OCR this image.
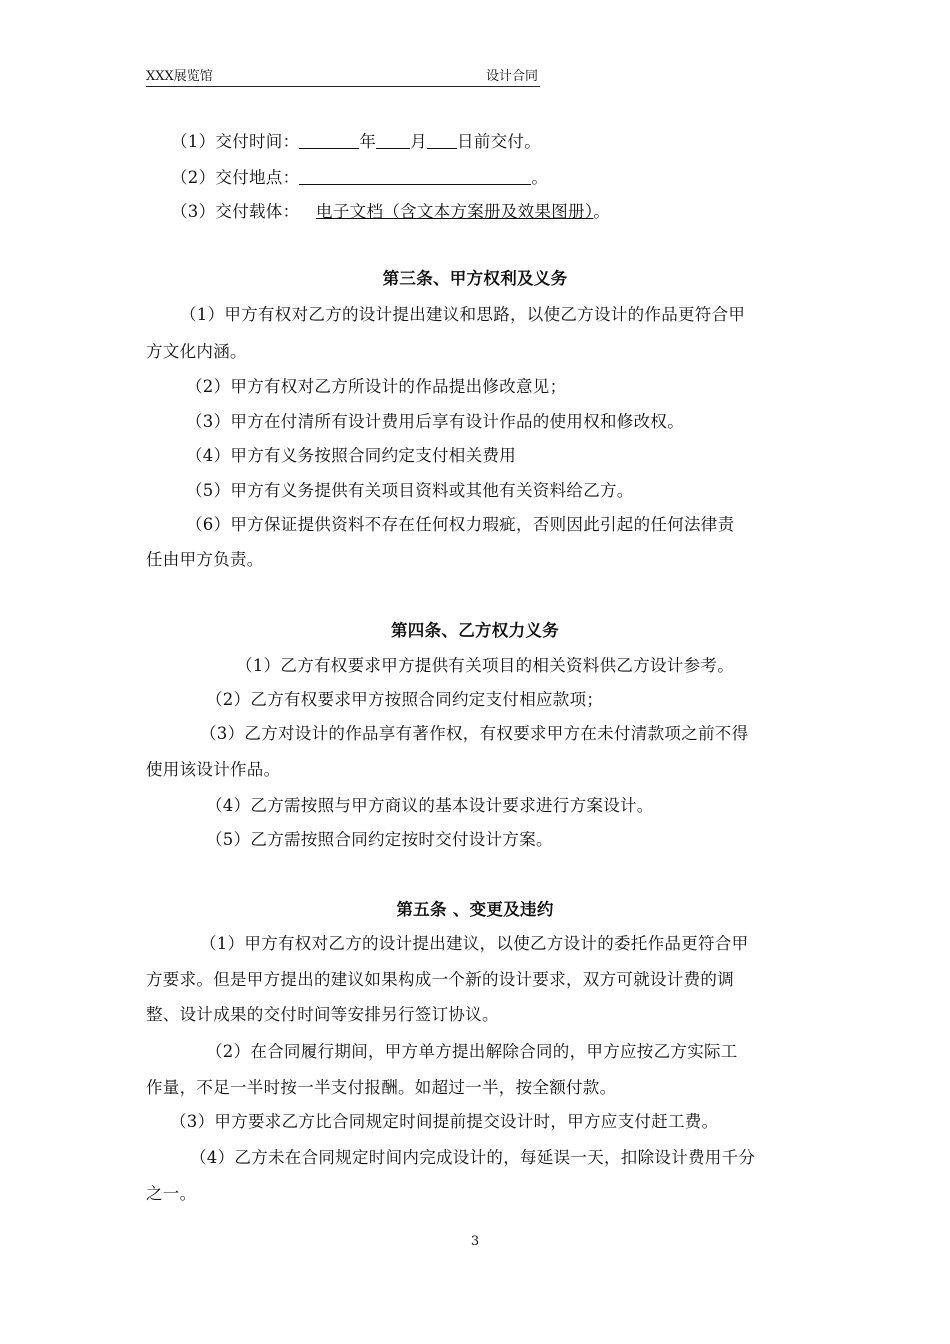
XXX展览馆	设计合同
（1）交付时间：	年 月 日前交付。
（2）交付地点：	。
（3）交付载体： 电子文档（含文本方案册及效果图册）。
第三条、甲方权利及义务
（1）甲方有权对乙方的设计提出建议和思路，以使乙方设计的作品更符合甲
方文化内涵。
（2）甲方有权对乙方所设计的作品提出修改意见；
（3）甲方在付清所有设计费用后享有设计作品的使用权和修改权。
（4）甲方有义务按照合同约定支付相关费用
（5）甲方有义务提供有关项目资料或其他有关资料给乙方。
（6）甲方保证提供资料不存在任何权力瑕疵，否则因此引起的任何法律责
任由甲方负责。
第四条、乙方权力义务
（1）乙方有权要求甲方提供有关项目的相关资料供乙方设计参考。
（2）乙方有权要求甲方按照合同约定支付相应款项；
（3）乙方对设计的作品享有著作权，有权要求甲方在未付清款项之前不得
使用该设计作品。
（4）乙方需按照与甲方商议的基本设计要求进行方案设计。
（5）乙方需按照合同约定按时交付设计方案。
第五条 、变更及违约
（1）甲方有权对乙方的设计提出建议，以使乙方设计的委托作品更符合甲
方要求。但是甲方提出的建议如果构成一个新的设计要求，双方可就设计费的调
整、设计成果的交付时间等安排另行签订协议。
（2）在合同履行期间，甲方单方提出解除合同的，甲方应按乙方实际工
作量，不足一半时按一半支付报酬。如超过一半，按全额付款。
（3）甲方要求乙方比合同规定时间提前提交设计时，甲方应支付赶工费。
（4）乙方未在合同规定时间内完成设计的，每延误一天，扣除设计费用千分
之一。
3
